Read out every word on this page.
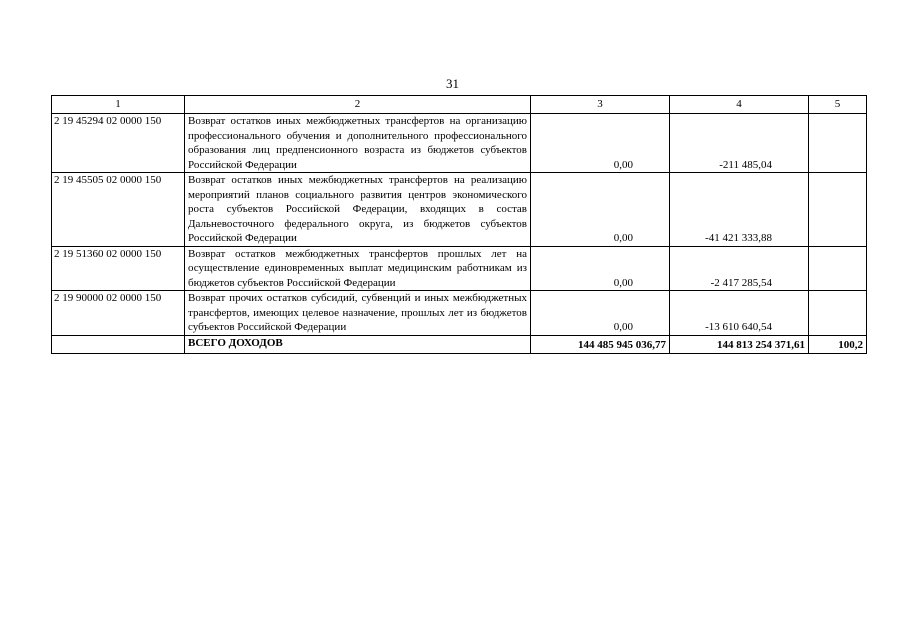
31
1	2	3	4	5
2 19 45294 02 0000 150	Возврат остатков иных межбюджетных трансфертов на организацию профессионального обучения и дополнительного профессионального образования лиц предпенсионного возраста из бюджетов субъектов Российской Федерации	0,00	-211 485,04	
2 19 45505 02 0000 150	Возврат остатков иных межбюджетных трансфертов на реализацию мероприятий планов социального развития центров экономического роста субъектов Российской Федерации, входящих в состав Дальневосточного федерального округа, из бюджетов субъектов Российской Федерации	0,00	-41 421 333,88	
2 19 51360 02 0000 150	Возврат остатков межбюджетных трансфертов прошлых лет на осуществление единовременных выплат медицинским работникам из бюджетов субъектов Российской Федерации	0,00	-2 417 285,54	
2 19 90000 02 0000 150	Возврат прочих остатков субсидий, субвенций и иных межбюджетных трансфертов, имеющих целевое назначение, прошлых лет из бюджетов субъектов Российской Федерации	0,00	-13 610 640,54	
	ВСЕГО ДОХОДОВ	144 485 945 036,77	144 813 254 371,61	100,2
